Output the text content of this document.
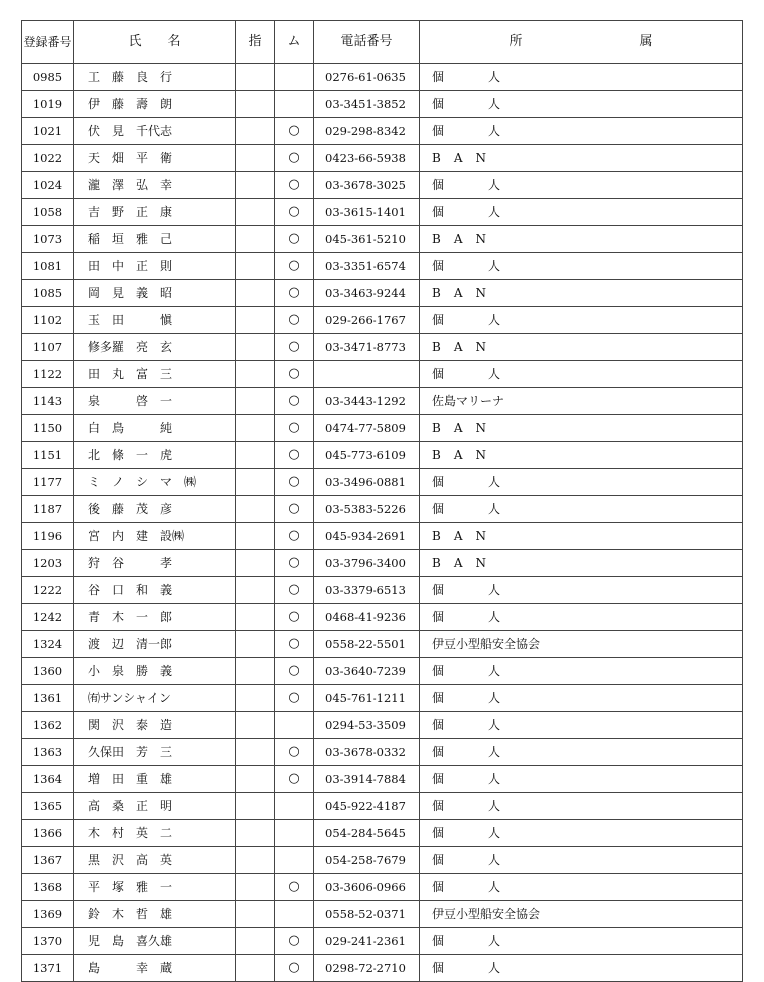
登録番号	氏　　名	指	ム	電話番号	所　　　　　　　　　属
0985	工　藤　良　行			0276-61-0635	個　人
1019	伊　藤　壽　朗			03-3451-3852	個　人
1021	伏　見　千代志		○	029-298-8342	個　人
1022	天　畑　平　衛		○	0423-66-5938	BAN
1024	瀧　澤　弘　幸		○	03-3678-3025	個　人
1058	吉　野　正　康		○	03-3615-1401	個　人
1073	稲　垣　雅　己		○	045-361-5210	BAN
1081	田　中　正　則		○	03-3351-6574	個　人
1085	岡　見　義　昭		○	03-3463-9244	BAN
1102	玉　田　　　愼		○	029-266-1767	個　人
1107	修多羅　亮　玄		○	03-3471-8773	BAN
1122	田　丸　富　三		○		個　人
1143	泉　　　啓　一		○	03-3443-1292	佐島マリーナ
1150	白　鳥　　　純		○	0474-77-5809	BAN
1151	北　條　一　虎		○	045-773-6109	BAN
1177	ミ　ノ　シ　マ　㈱		○	03-3496-0881	個　人
1187	後　藤　茂　彦		○	03-5383-5226	個　人
1196	宮　内　建　設㈱		○	045-934-2691	BAN
1203	狩　谷　　　孝		○	03-3796-3400	BAN
1222	谷　口　和　義		○	03-3379-6513	個　人
1242	青　木　一　郎		○	0468-41-9236	個　人
1324	渡　辺　清一郎		○	0558-22-5501	伊豆小型船安全協会
1360	小　泉　勝　義		○	03-3640-7239	個　人
1361	㈲サンシャイン		○	045-761-1211	個　人
1362	関　沢　泰　造			0294-53-3509	個　人
1363	久保田　芳　三		○	03-3678-0332	個　人
1364	増　田　重　雄		○	03-3914-7884	個　人
1365	高　桑　正　明			045-922-4187	個　人
1366	木　村　英　二			054-284-5645	個　人
1367	黒　沢　高　英			054-258-7679	個　人
1368	平　塚　雅　一		○	03-3606-0966	個　人
1369	鈴　木　哲　雄			0558-52-0371	伊豆小型船安全協会
1370	児　島　喜久雄		○	029-241-2361	個　人
1371	島　　　幸　蔵		○	0298-72-2710	個　人
